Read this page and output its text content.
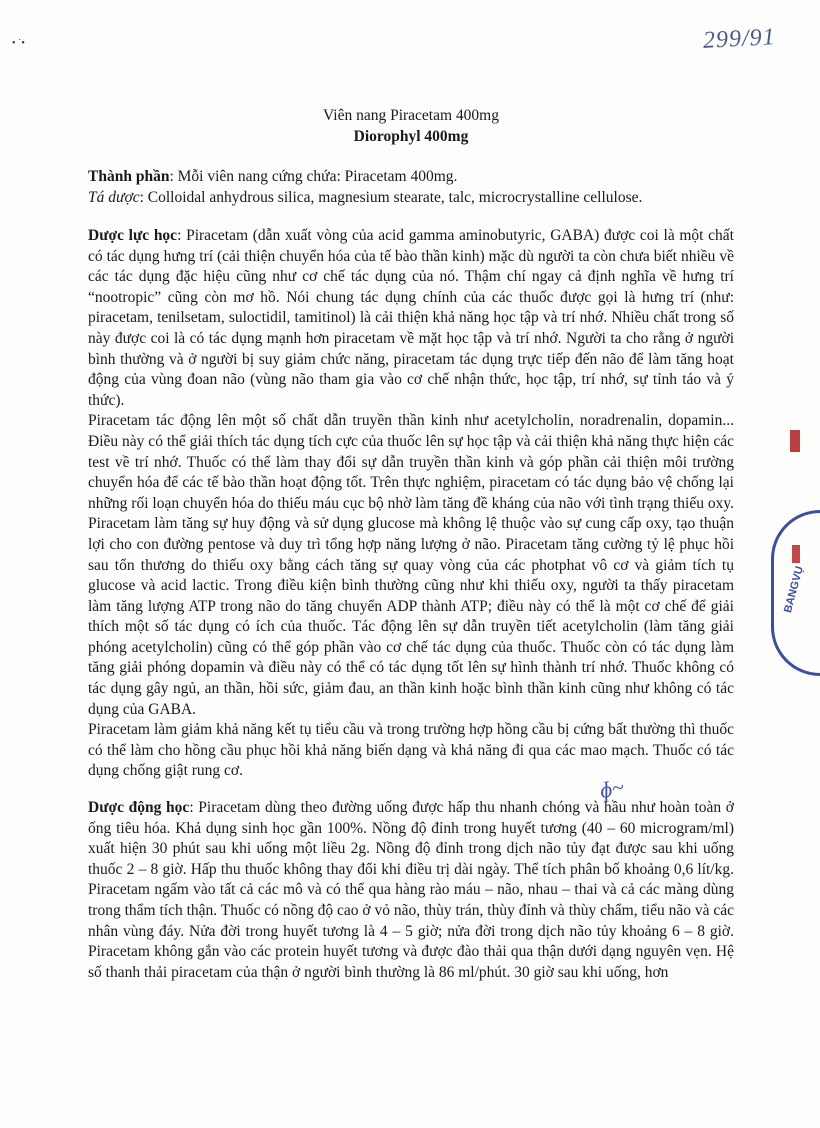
• ˙•	299/91

Viên nang Piracetam 400mg

Diorophyl 400mg

Thành phần: Mỗi viên nang cứng chứa: Piracetam 400mg.

Tá dược: Colloidal anhydrous silica, magnesium stearate, talc, microcrystalline cellulose.

Dược lực học: Piracetam (dẫn xuất vòng của acid gamma aminobutyric, GABA) được coi là một chất có tác dụng hưng trí (cải thiện chuyển hóa của tế bào thần kinh) mặc dù người ta còn chưa biết nhiều về các tác dụng đặc hiệu cũng như cơ chế tác dụng của nó. Thậm chí ngay cả định nghĩa về hưng trí “nootropic” cũng còn mơ hồ. Nói chung tác dụng chính của các thuốc được gọi là hưng trí (như: piracetam, tenilsetam, suloctidil, tamitinol) là cải thiện khả năng học tập và trí nhớ. Nhiều chất trong số này được coi là có tác dụng mạnh hơn piracetam về mặt học tập và trí nhớ. Người ta cho rằng ở người bình thường và ở người bị suy giảm chức năng, piracetam tác dụng trực tiếp đến não để làm tăng hoạt động của vùng đoan não (vùng não tham gia vào cơ chế nhận thức, học tập, trí nhớ, sự tỉnh táo và ý thức).

Piracetam tác động lên một số chất dẫn truyền thần kinh như acetylcholin, noradrenalin, dopamin... Điều này có thể giải thích tác dụng tích cực của thuốc lên sự học tập và cải thiện khả năng thực hiện các test về trí nhớ. Thuốc có thể làm thay đổi sự dẫn truyền thần kinh và góp phần cải thiện môi trường chuyển hóa để các tế bào thần hoạt động tốt. Trên thực nghiệm, piracetam có tác dụng bảo vệ chống lại những rối loạn chuyển hóa do thiếu máu cục bộ nhờ làm tăng đề kháng của não với tình trạng thiếu oxy. Piracetam làm tăng sự huy động và sử dụng glucose mà không lệ thuộc vào sự cung cấp oxy, tạo thuận lợi cho con đường pentose và duy trì tổng hợp năng lượng ở não. Piracetam tăng cường tỷ lệ phục hồi sau tổn thương do thiếu oxy bằng cách tăng sự quay vòng của các photphat vô cơ và giảm tích tụ glucose và acid lactic. Trong điều kiện bình thường cũng như khi thiếu oxy, người ta thấy piracetam làm tăng lượng ATP trong não do tăng chuyển ADP thành ATP; điều này có thể là một cơ chế để giải thích một số tác dụng có ích của thuốc. Tác động lên sự dẫn truyền tiết acetylcholin (làm tăng giải phóng acetylcholin) cũng có thể góp phần vào cơ chế tác dụng của thuốc. Thuốc còn có tác dụng làm tăng giải phóng dopamin và điều này có thể có tác dụng tốt lên sự hình thành trí nhớ. Thuốc không có tác dụng gây ngủ, an thần, hồi sức, giảm đau, an thần kinh hoặc bình thần kinh cũng như không có tác dụng của GABA.

Piracetam làm giảm khả năng kết tụ tiểu cầu và trong trường hợp hồng cầu bị cứng bất thường thì thuốc có thể làm cho hồng cầu phục hồi khả năng biến dạng và khả năng đi qua các mao mạch. Thuốc có tác dụng chống giật rung cơ.

Dược động học: Piracetam dùng theo đường uống được hấp thu nhanh chóng và hầu như hoàn toàn ở ống tiêu hóa. Khả dụng sinh học gần 100%. Nồng độ đỉnh trong huyết tương (40 – 60 microgram/ml) xuất hiện 30 phút sau khi uống một liều 2g. Nồng độ đỉnh trong dịch não tủy đạt được sau khi uống thuốc 2 – 8 giờ. Hấp thu thuốc không thay đổi khi điều trị dài ngày. Thể tích phân bố khoảng 0,6 lít/kg. Piracetam ngấm vào tất cả các mô và có thể qua hàng rào máu – não, nhau – thai và cả các màng dùng trong thẩm tích thận. Thuốc có nồng độ cao ở vỏ não, thùy trán, thùy đỉnh và thùy chẩm, tiểu não và các nhân vùng đáy. Nửa đời trong huyết tương là 4 – 5 giờ; nửa đời trong dịch não tủy khoảng 6 – 8 giờ. Piracetam không gắn vào các protein huyết tương và được đào thải qua thận dưới dạng nguyên vẹn. Hệ số thanh thải piracetam của thận ở người bình thường là 86 ml/phút. 30 giờ sau khi uống, hơn

ɸ~
BANGVỤ
